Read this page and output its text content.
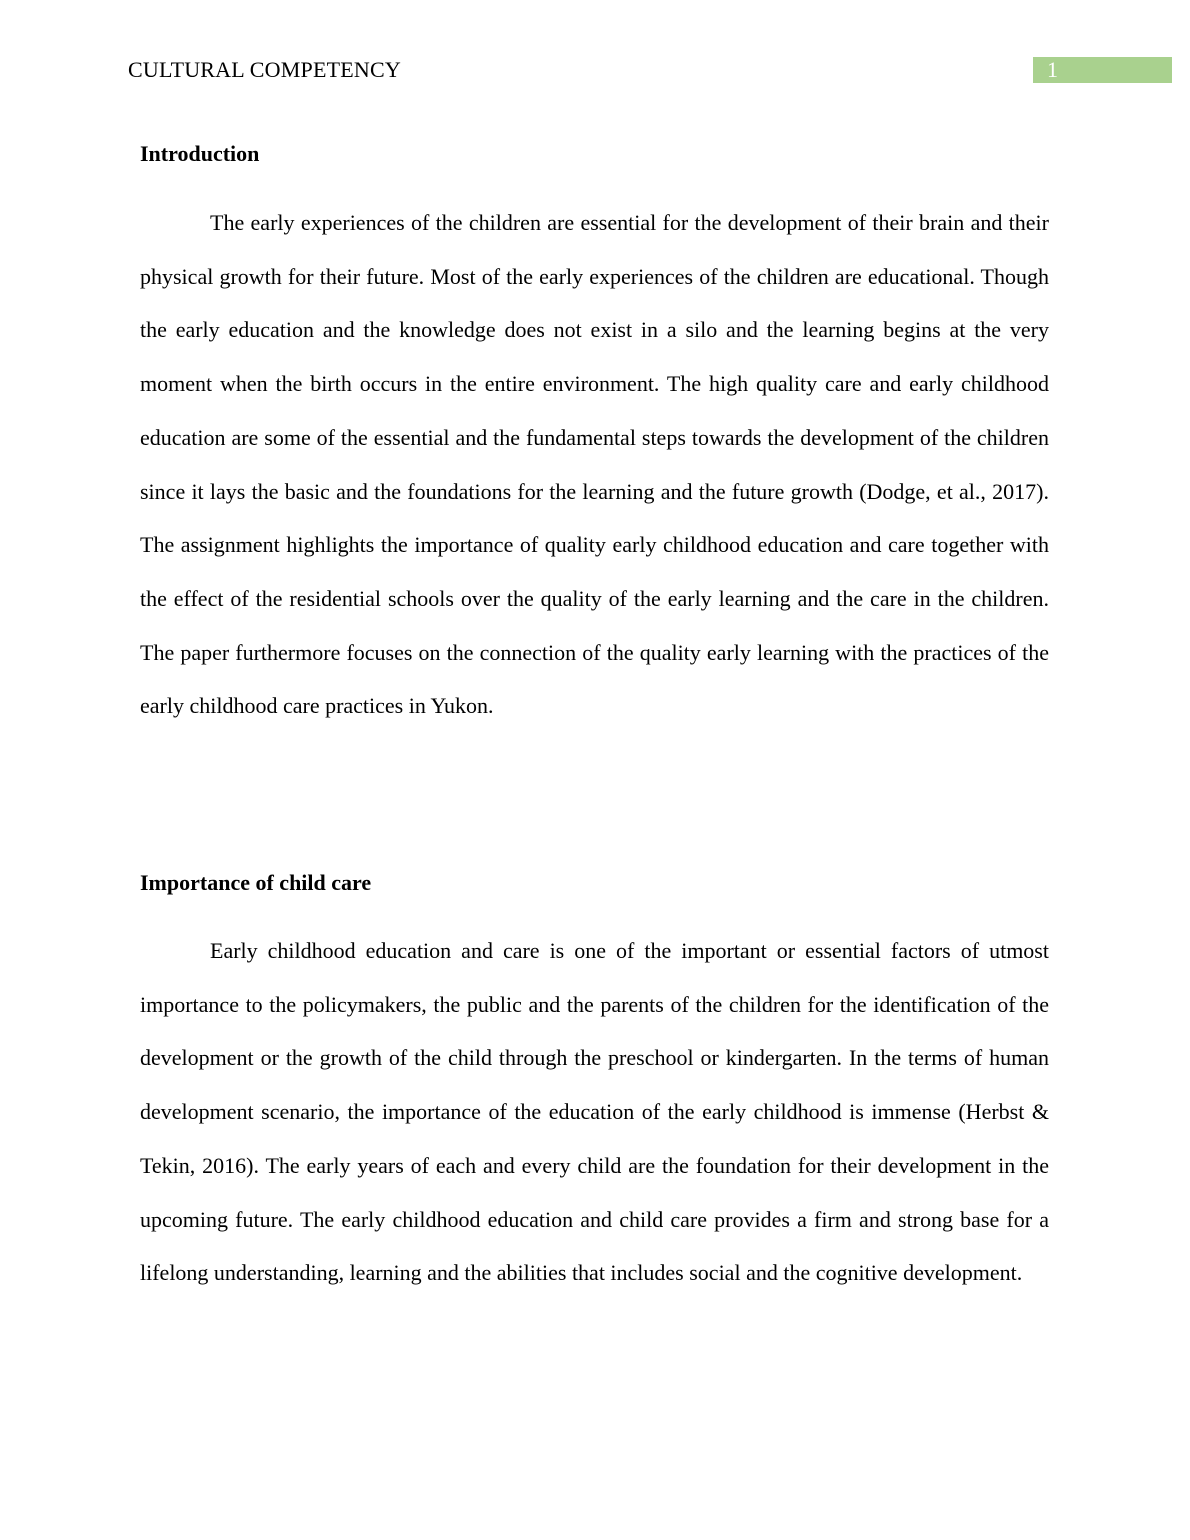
CULTURAL COMPETENCY	1
Introduction
The early experiences of the children are essential for the development of their brain and their physical growth for their future. Most of the early experiences of the children are educational. Though the early education and the knowledge does not exist in a silo and the learning begins at the very moment when the birth occurs in the entire environment. The high quality care and early childhood education are some of the essential and the fundamental steps towards the development of the children since it lays the basic and the foundations for the learning and the future growth (Dodge, et al., 2017). The assignment highlights the importance of quality early childhood education and care together with the effect of the residential schools over the quality of the early learning and the care in the children. The paper furthermore focuses on the connection of the quality early learning with the practices of the early childhood care practices in Yukon.
Importance of child care
Early childhood education and care is one of the important or essential factors of utmost importance to the policymakers, the public and the parents of the children for the identification of the development or the growth of the child through the preschool or kindergarten. In the terms of human development scenario, the importance of the education of the early childhood is immense (Herbst & Tekin, 2016). The early years of each and every child are the foundation for their development in the upcoming future. The early childhood education and child care provides a firm and strong base for a lifelong understanding, learning and the abilities that includes social and the cognitive development.
